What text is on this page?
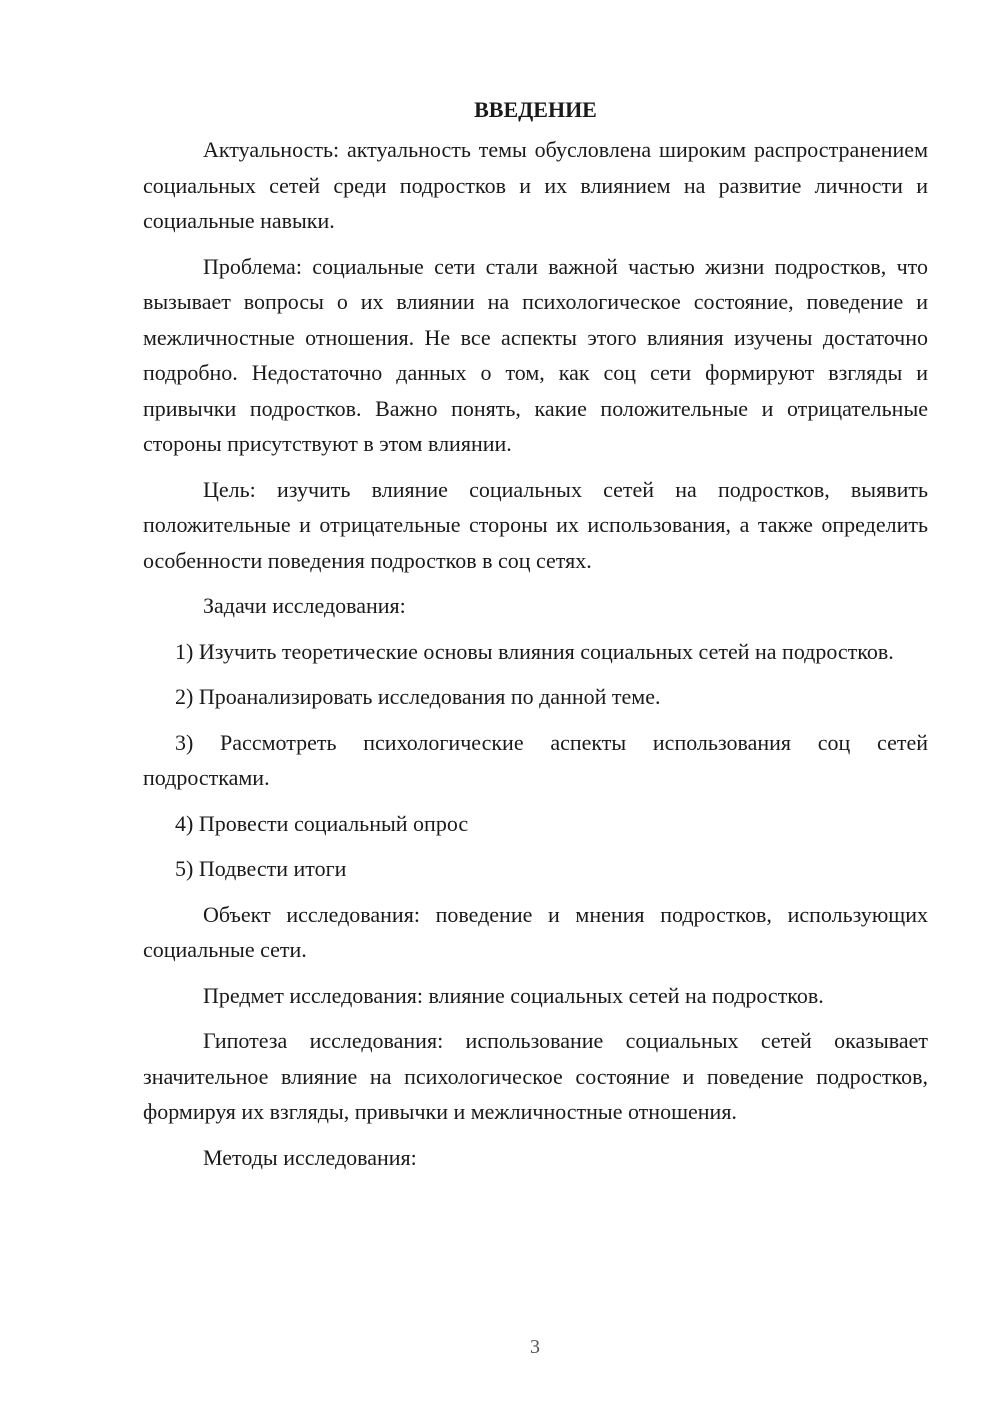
ВВЕДЕНИЕ

Актуальность: актуальность темы обусловлена широким распространением социальных сетей среди подростков и их влиянием на развитие личности и социальные навыки.

Проблема: социальные сети стали важной частью жизни подростков, что вызывает вопросы о их влиянии на психологическое состояние, поведение и межличностные отношения. Не все аспекты этого влияния изучены достаточно подробно. Недостаточно данных о том, как соц сети формируют взгляды и привычки подростков. Важно понять, какие положительные и отрицательные стороны присутствуют в этом влиянии.

Цель: изучить влияние социальных сетей на подростков, выявить положительные и отрицательные стороны их использования, а также определить особенности поведения подростков в соц сетях.

Задачи исследования:

1) Изучить теоретические основы влияния социальных сетей на подростков.

2) Проанализировать исследования по данной теме.

3) Рассмотреть психологические аспекты использования соц сетей подростками.

4) Провести социальный опрос

5) Подвести итоги

Объект исследования: поведение и мнения подростков, использующих социальные сети.

Предмет исследования: влияние социальных сетей на подростков.

Гипотеза исследования: использование социальных сетей оказывает значительное влияние на психологическое состояние и поведение подростков, формируя их взгляды, привычки и межличностные отношения.

Методы исследования:

3
